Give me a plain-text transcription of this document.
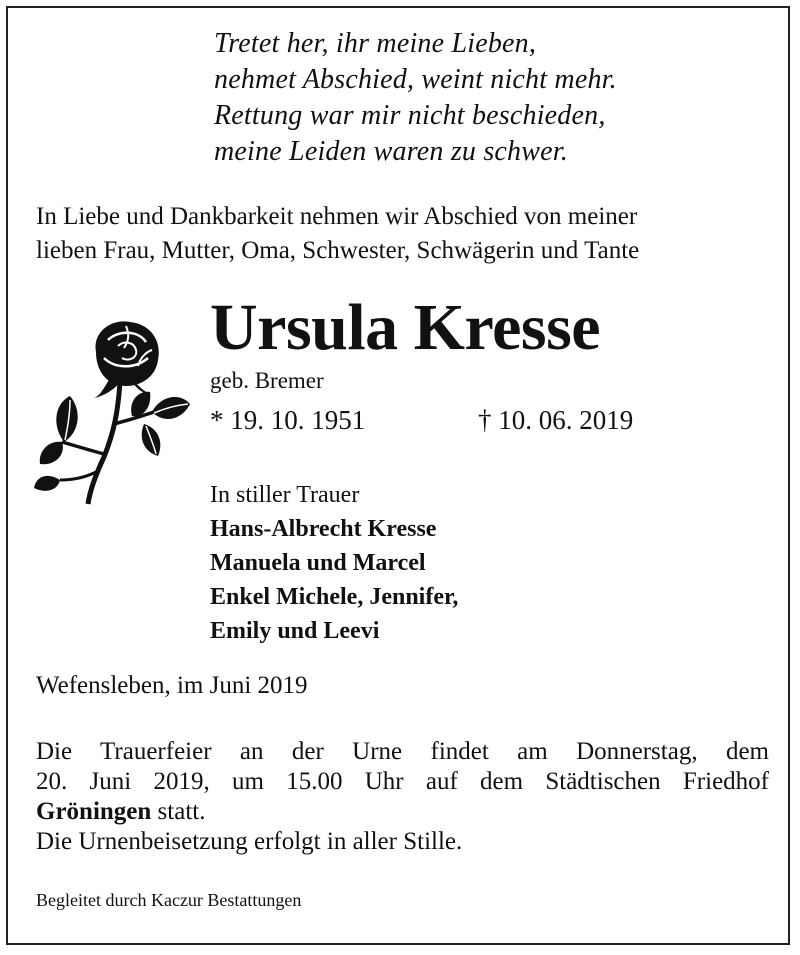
Tretet her, ihr meine Lieben,
nehmet Abschied, weint nicht mehr.
Rettung war mir nicht beschieden,
meine Leiden waren zu schwer.
In Liebe und Dankbarkeit nehmen wir Abschied von meiner
lieben Frau, Mutter, Oma, Schwester, Schwägerin und Tante
Ursula Kresse
geb. Bremer
* 19. 10. 1951	† 10. 06. 2019
In stiller Trauer
Hans-Albrecht Kresse
Manuela und Marcel
Enkel Michele, Jennifer,
Emily und Leevi
Wefensleben, im Juni 2019
Die Trauerfeier an der Urne findet am Donnerstag, dem
20. Juni 2019, um 15.00 Uhr auf dem Städtischen Friedhof
Gröningen statt.
Die Urnenbeisetzung erfolgt in aller Stille.
Begleitet durch Kaczur Bestattungen
